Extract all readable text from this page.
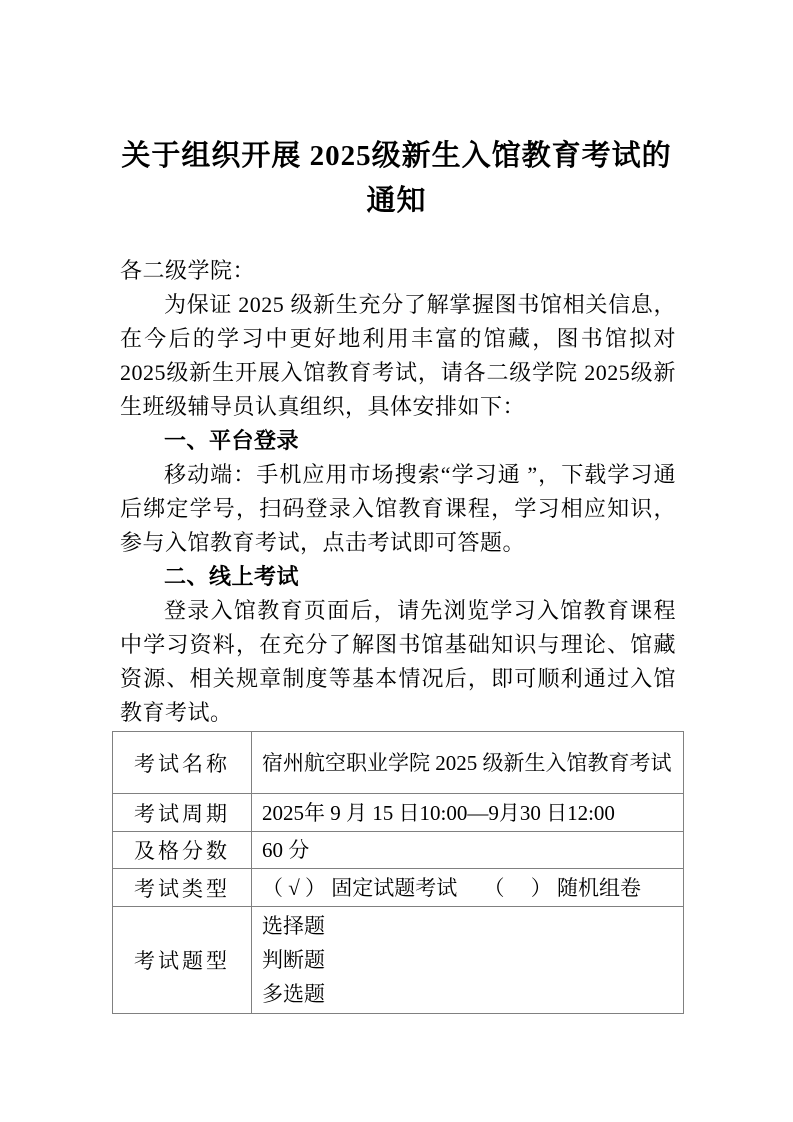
关于组织开展 2025级新生入馆教育考试的
通知

各二级学院：

为保证 2025 级新生充分了解掌握图书馆相关信息，在今后的学习中更好地利用丰富的馆藏，图书馆拟对 2025级新生开展入馆教育考试，请各二级学院 2025级新生班级辅导员认真组织，具体安排如下：

一、平台登录

移动端：手机应用市场搜索“学习通 ”，下载学习通后绑定学号，扫码登录入馆教育课程，学习相应知识，参与入馆教育考试，点击考试即可答题。

二、线上考试

登录入馆教育页面后，请先浏览学习入馆教育课程中学习资料，在充分了解图书馆基础知识与理论、馆藏资源、相关规章制度等基本情况后，即可顺利通过入馆教育考试。

考试名称	宿州航空职业学院 2025 级新生入馆教育考试
考试周期	2025年 9 月 15 日10:00—9月30 日12:00
及格分数	60 分
考试类型	（ √ ） 固定试题考试　 （　 ） 随机组卷
考试题型	选择题
判断题
多选题
